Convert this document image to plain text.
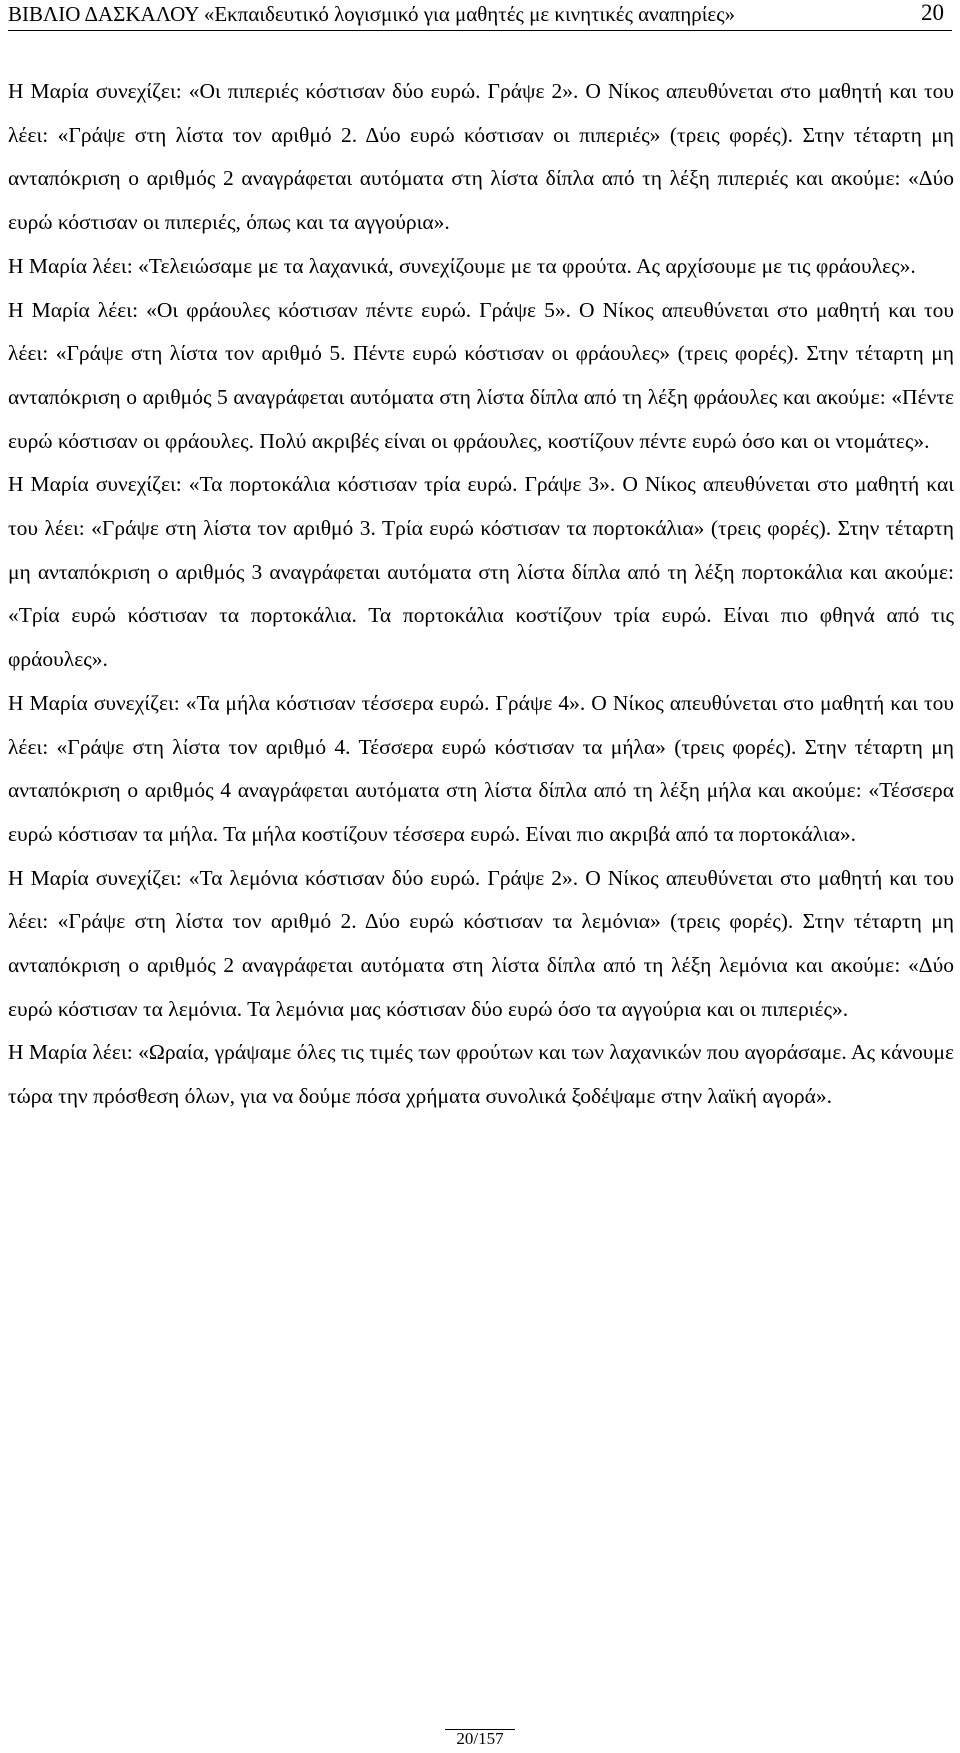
ΒΙΒΛΙΟ ΔΑΣΚΑΛΟΥ «Εκπαιδευτικό λογισμικό για μαθητές με κινητικές αναπηρίες»	20

Η Μαρία συνεχίζει: «Οι πιπεριές κόστισαν δύο ευρώ. Γράψε 2». Ο Νίκος απευθύνεται στο μαθητή και του λέει: «Γράψε στη λίστα τον αριθμό 2. Δύο ευρώ κόστισαν οι πιπεριές» (τρεις φορές). Στην τέταρτη μη ανταπόκριση ο αριθμός 2 αναγράφεται αυτόματα στη λίστα δίπλα από τη λέξη πιπεριές και ακούμε: «Δύο ευρώ κόστισαν οι πιπεριές, όπως και τα αγγούρια».

Η Μαρία λέει: «Τελειώσαμε με τα λαχανικά, συνεχίζουμε με τα φρούτα. Ας αρχίσουμε με τις φράουλες».

Η Μαρία λέει: «Οι φράουλες κόστισαν πέντε ευρώ. Γράψε 5». Ο Νίκος απευθύνεται στο μαθητή και του λέει: «Γράψε στη λίστα τον αριθμό 5. Πέντε ευρώ κόστισαν οι φράουλες» (τρεις φορές). Στην τέταρτη μη ανταπόκριση ο αριθμός 5 αναγράφεται αυτόματα στη λίστα δίπλα από τη λέξη φράουλες και ακούμε: «Πέντε ευρώ κόστισαν οι φράουλες. Πολύ ακριβές είναι οι φράουλες, κοστίζουν πέντε ευρώ όσο και οι ντομάτες».

Η Μαρία συνεχίζει: «Τα πορτοκάλια κόστισαν τρία ευρώ. Γράψε 3». Ο Νίκος απευθύνεται στο μαθητή και του λέει: «Γράψε στη λίστα τον αριθμό 3. Τρία ευρώ κόστισαν τα πορτοκάλια» (τρεις φορές). Στην τέταρτη μη ανταπόκριση ο αριθμός 3 αναγράφεται αυτόματα στη λίστα δίπλα από τη λέξη πορτοκάλια και ακούμε: «Τρία ευρώ κόστισαν τα πορτοκάλια. Τα πορτοκάλια κοστίζουν τρία ευρώ. Είναι πιο φθηνά από τις φράουλες».

Η Μαρία συνεχίζει: «Τα μήλα κόστισαν τέσσερα ευρώ. Γράψε 4». Ο Νίκος απευθύνεται στο μαθητή και του λέει: «Γράψε στη λίστα τον αριθμό 4. Τέσσερα ευρώ κόστισαν τα μήλα» (τρεις φορές). Στην τέταρτη μη ανταπόκριση ο αριθμός 4 αναγράφεται αυτόματα στη λίστα δίπλα από τη λέξη μήλα και ακούμε: «Τέσσερα ευρώ κόστισαν τα μήλα. Τα μήλα κοστίζουν τέσσερα ευρώ. Είναι πιο ακριβά από τα πορτοκάλια».

Η Μαρία συνεχίζει: «Τα λεμόνια κόστισαν δύο ευρώ. Γράψε 2». Ο Νίκος απευθύνεται στο μαθητή και του λέει: «Γράψε στη λίστα τον αριθμό 2. Δύο ευρώ κόστισαν τα λεμόνια» (τρεις φορές). Στην τέταρτη μη ανταπόκριση ο αριθμός 2 αναγράφεται αυτόματα στη λίστα δίπλα από τη λέξη λεμόνια και ακούμε: «Δύο ευρώ κόστισαν τα λεμόνια. Τα λεμόνια μας κόστισαν δύο ευρώ όσο τα αγγούρια και οι πιπεριές».

Η Μαρία λέει: «Ωραία, γράψαμε όλες τις τιμές των φρούτων και των λαχανικών που αγοράσαμε. Ας κάνουμε τώρα την πρόσθεση όλων, για να δούμε πόσα χρήματα συνολικά ξοδέψαμε στην λαϊκή αγορά».

20/157
